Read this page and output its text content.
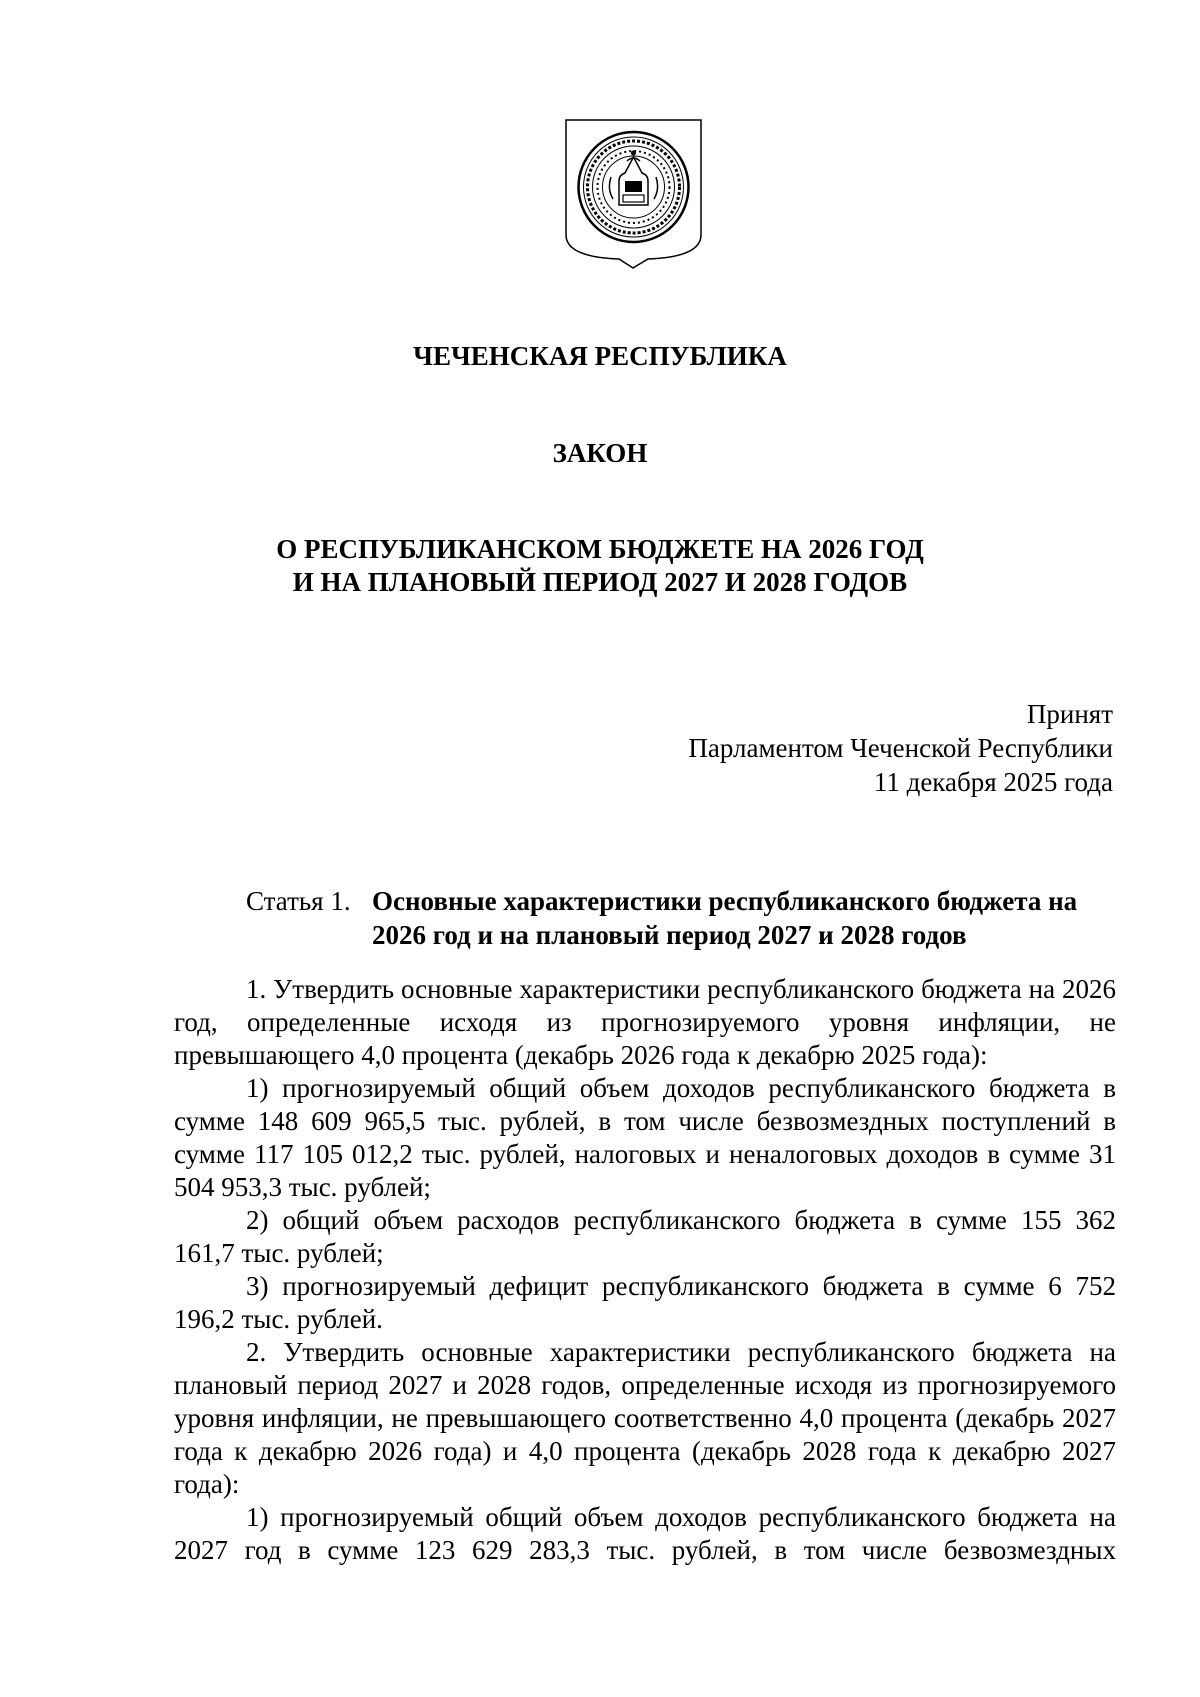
ЧЕЧЕНСКАЯ РЕСПУБЛИКА
ЗАКОН
О РЕСПУБЛИКАНСКОМ БЮДЖЕТЕ НА 2026 ГОД
И НА ПЛАНОВЫЙ ПЕРИОД 2027 И 2028 ГОДОВ
Принят
Парламентом Чеченской Республики
11 декабря 2025 года
Статья 1. Основные характеристики республиканского бюджета на 2026 год и на плановый период 2027 и 2028 годов

1. Утвердить основные характеристики республиканского бюджета на 2026 год, определенные исходя из прогнозируемого уровня инфляции, не превышающего 4,0 процента (декабрь 2026 года к декабрю 2025 года):

1) прогнозируемый общий объем доходов республиканского бюджета в сумме 148 609 965,5 тыс. рублей, в том числе безвозмездных поступлений в сумме 117 105 012,2 тыс. рублей, налоговых и неналоговых доходов в сумме 31 504 953,3 тыс. рублей;

2) общий объем расходов республиканского бюджета в сумме 155 362 161,7 тыс. рублей;

3) прогнозируемый дефицит республиканского бюджета в сумме 6 752 196,2 тыс. рублей.

2. Утвердить основные характеристики республиканского бюджета на плановый период 2027 и 2028 годов, определенные исходя из прогнозируемого уровня инфляции, не превышающего соответственно 4,0 процента (декабрь 2027 года к декабрю 2026 года) и 4,0 процента (декабрь 2028 года к декабрю 2027 года):

1) прогнозируемый общий объем доходов республиканского бюджета на 2027 год в сумме 123 629 283,3 тыс. рублей, в том числе безвозмездных
